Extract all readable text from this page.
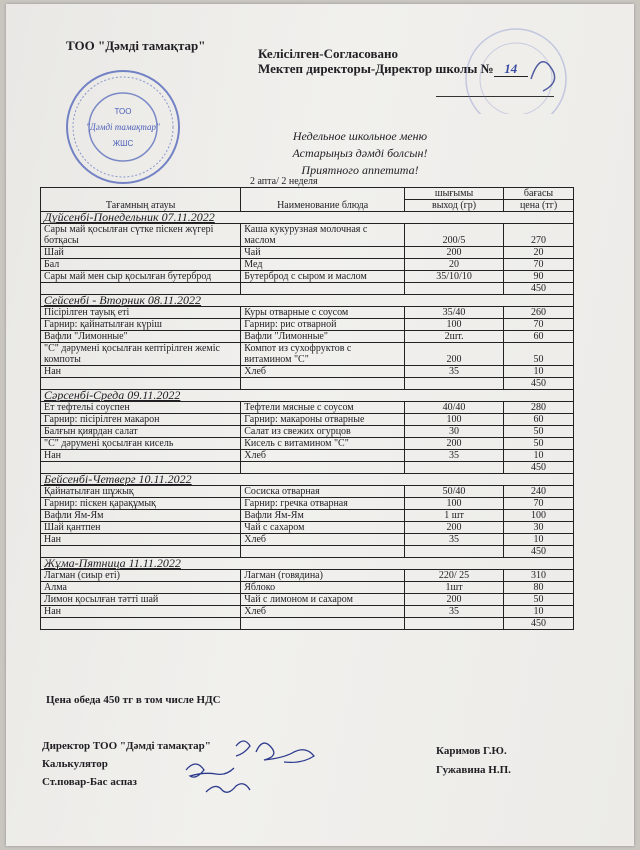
ТОО "Дәмді тамақтар"
Келісілген-Согласовано
Мектеп директоры-Директор школы № 14
ТОО
"Дәмді тамақтар"
ЖШС
Недельное школьное меню
Астарыңыз дәмді болсын!
Приятного аппетита!
2 апта/ 2 неделя
Тағамның атауы	Наименование блюда	шығымы	бағасы
		выход (гр)	цена (тг)
Дүйсенбі-Понедельник 07.11.2022			
Сары май қосылған сүтке піскен жүгері ботқасы	Каша кукурузная молочная с маслом	200/5	270
Шай	Чай	200	20
Бал	Мед	20	70
Сары май мен сыр қосылған бутерброд	Бутерброд с сыром и маслом	35/10/10	90
			450
Сейсенбі - Вторник 08.11.2022			
Пісірілген тауық еті	Куры отварные с соусом	35/40	260
Гарнир: қайнатылған күріш	Гарнир: рис отварной	100	70
Вафли "Лимонные"	Вафли "Лимонные"	2шт.	60
"С" дәрумені қосылған кептірілген жеміс компоты	Компот из сухофруктов с витамином "С"	200	50
Нан	Хлеб	35	10
			450
Сәрсенбі-Среда 09.11.2022			
Ет тефтельі соуспен	Тефтели мясные с соусом	40/40	280
Гарнир: пісірілген макарон	Гарнир: макароны отварные	100	60
Балғын қиярдан салат	Салат из свежих огурцов	30	50
"С" дәрумені қосылған кисель	Кисель с витамином "С"	200	50
Нан	Хлеб	35	10
			450
Бейсенбі-Четверг 10.11.2022			
Қайнатылған шұжық	Сосиска отварная	50/40	240
Гарнир: піскен қарақұмық	Гарнир: гречка отварная	100	70
Вафли Ям-Ям	Вафли Ям-Ям	1 шт	100
Шай қантпен	Чай с сахаром	200	30
Нан	Хлеб	35	10
			450
Жұма-Пятница 11.11.2022			
Лагман (сиыр еті)	Лагман (говядина)	220/ 25	310
Алма	Яблоко	1шт	80
Лимон қосылған тәтті шай	Чай с лимоном и сахаром	200	50
Нан	Хлеб	35	10
			450
Цена обеда 450 тг в том числе НДС
Директор ТОО "Дәмді тамақтар"
Калькулятор
Ст.повар-Бас аспаз
Каримов Г.Ю.
Гужавина Н.П.
